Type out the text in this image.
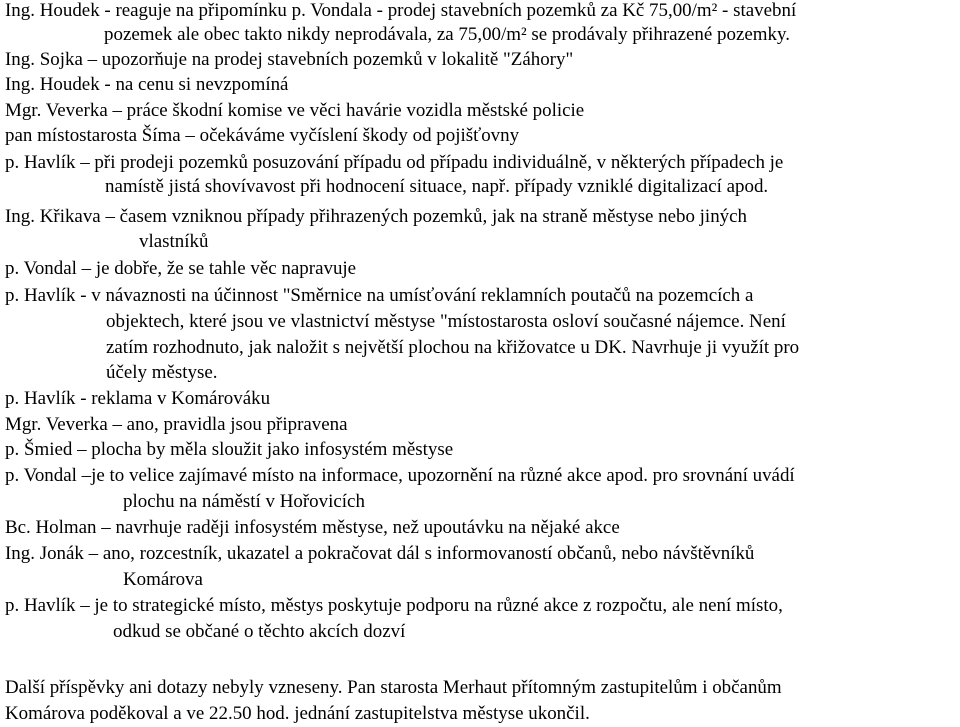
Ing. Houdek - reaguje na připomínku p. Vondala - prodej stavebních pozemků za Kč 75,00/m² - stavební
pozemek ale obec takto nikdy neprodávala, za 75,00/m² se prodávaly přihrazené pozemky.
Ing. Sojka – upozorňuje na prodej stavebních pozemků v lokalitě "Záhory"
Ing. Houdek - na cenu si nevzpomíná
Mgr. Veverka – práce škodní komise ve věci havárie vozidla městské policie
pan místostarosta Šíma – očekáváme vyčíslení škody od pojišťovny
p. Havlík – při prodeji pozemků posuzování případu od případu individuálně, v některých případech je
namístě jistá shovívavost při hodnocení situace, např. případy vzniklé digitalizací apod.
Ing. Křikava – časem vzniknou případy přihrazených pozemků, jak na straně městyse nebo jiných
vlastníků
p. Vondal – je dobře, že se tahle věc napravuje
p. Havlík - v návaznosti na účinnost "Směrnice na umísťování reklamních poutačů na pozemcích a
objektech, které jsou ve vlastnictví městyse "místostarosta osloví současné nájemce. Není
zatím rozhodnuto, jak naložit s největší plochou na křižovatce u DK. Navrhuje ji využít pro
účely městyse.
p. Havlík - reklama v Komárováku
Mgr. Veverka – ano, pravidla jsou připravena
p. Šmied – plocha by měla sloužit jako infosystém městyse
p. Vondal –je to velice zajímavé místo na informace, upozornění na různé akce apod. pro srovnání uvádí
plochu na náměstí v Hořovicích
Bc. Holman – navrhuje raději infosystém městyse, než upoutávku na nějaké akce
Ing. Jonák – ano, rozcestník, ukazatel a pokračovat dál s informovaností občanů, nebo návštěvníků
Komárova
p. Havlík – je to strategické místo, městys poskytuje podporu na různé akce z rozpočtu, ale není místo,
odkud se občané o těchto akcích dozví
Další příspěvky ani dotazy nebyly vzneseny. Pan starosta Merhaut přítomným zastupitelům i občanům
Komárova poděkoval a ve 22.50 hod. jednání zastupitelstva městyse ukončil.
